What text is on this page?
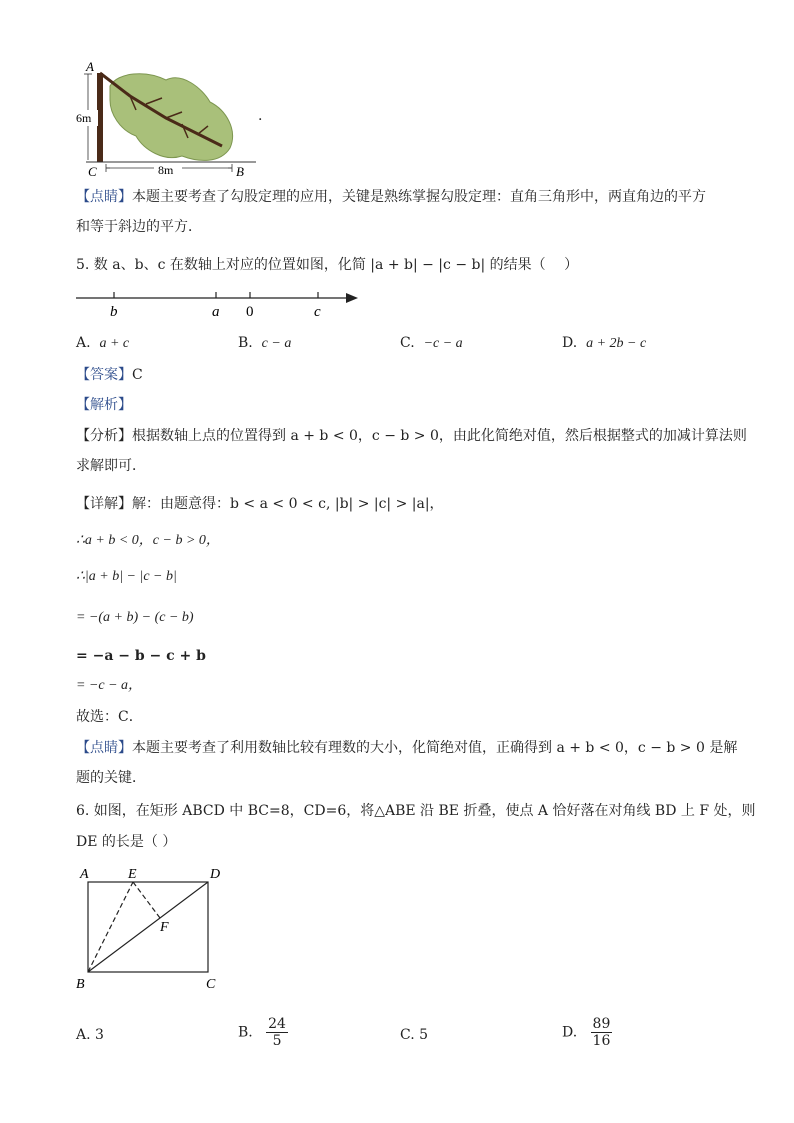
A
6m
C	8m	B
.
【点睛】本题主要考查了勾股定理的应用，关键是熟练掌握勾股定理：直角三角形中，两直角边的平方
和等于斜边的平方．
5. 数 a、b、c 在数轴上对应的位置如图，化简 |a + b| − |c − b| 的结果（　 ）
b	a 0	c
A. a + c	B. c − a	C. −c − a	D. a + 2b − c
【答案】C
【解析】
【分析】根据数轴上点的位置得到 a + b < 0，c − b > 0，由此化简绝对值，然后根据整式的加减计算法则
求解即可．
【详解】解：由题意得：b < a < 0 < c, |b| > |c| > |a|，
∴a + b < 0，c − b > 0，
∴|a + b| − |c − b|
= −(a + b) − (c − b)
= −a − b − c + b
= −c − a，
故选：C．
【点睛】本题主要考查了利用数轴比较有理数的大小，化简绝对值，正确得到 a + b < 0，c − b > 0 是解
题的关键．
6. 如图，在矩形 ABCD 中 BC=8，CD=6，将△ABE 沿 BE 折叠，使点 A 恰好落在对角线 BD 上 F 处，则
DE 的长是（ ）
A	E	D
F
B	C
A. 3	B. $\frac{24}{5}$	C. 5	D. $\frac{89}{16}$
